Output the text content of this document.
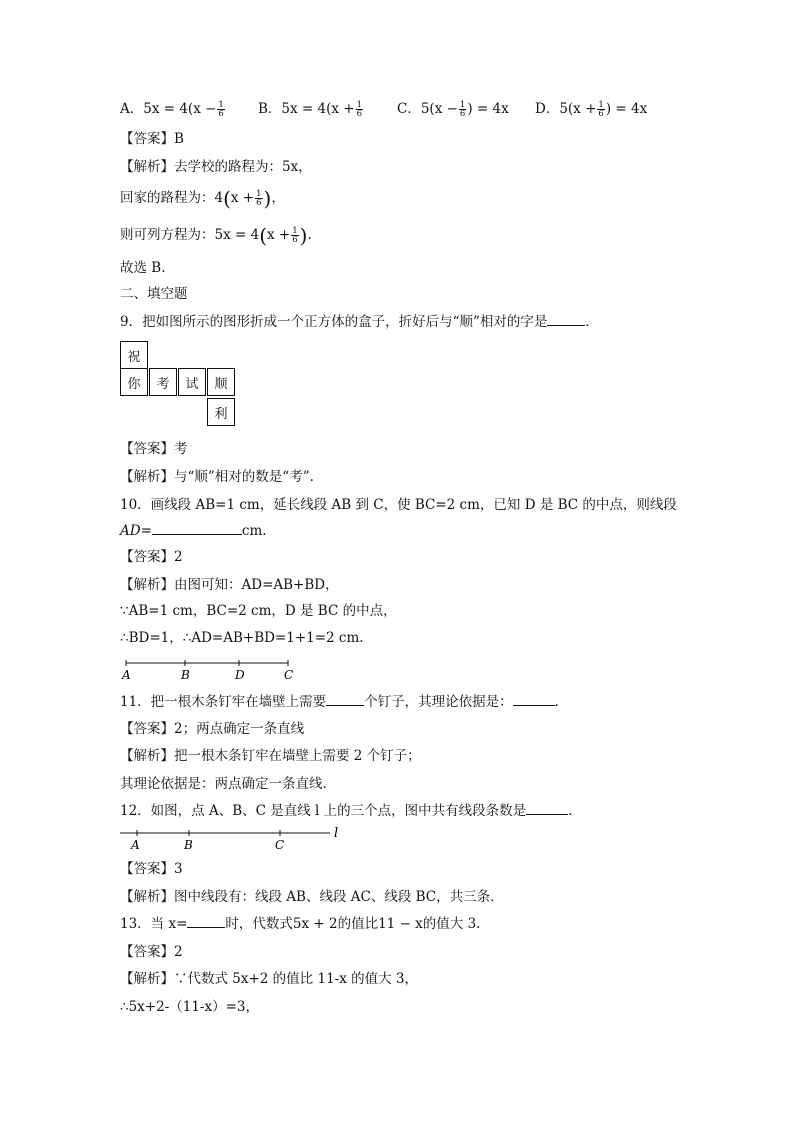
A．$5x = 4(x - \frac{1}{6}$ B．$5x = 4(x + \frac{1}{6}$	C．$5(x - \frac{1}{6}$ ) = 4x D．$5(x + \frac{1}{6}$ ) = 4x
【答案】B
【解析】去学校的路程为：5x，
回家的路程为：$4(x + \frac{1}{6}$ )，
则可列方程为：$5x = 4(x + \frac{1}{6}$ ).
故选 B.
二、填空题
9．把如图所示的图形折成一个正方体的盒子，折好后与“顺”相对的字是	．
祝
你	考	试	顺
利
【答案】考
【解析】与“顺”相对的数是“考”.
10．画线段 AB=1 cm，延长线段 AB 到 C，使 BC=2 cm，已知 D 是 BC 的中点，则线段
AD=	cm.
【答案】2
【解析】由图可知：AD=AB+BD，
∵AB=1 cm，BC=2 cm，D 是 BC 的中点，
∴BD=1，∴AD=AB+BD=1+1=2 cm.
A	B	D	C
11．把一根木条钉牢在墙壁上需要	个钉子，其理论依据是：	．
【答案】2；两点确定一条直线
【解析】把一根木条钉牢在墙壁上需要 2 个钉子；
其理论依据是：两点确定一条直线．
12．如图，点 A、B、C 是直线 l 上的三个点，图中共有线段条数是	．
l
A	B	C
【答案】3
【解析】图中线段有：线段 AB、线段 AC、线段 BC，共三条．
13．当 x=	时，代数式5x + 2的值比11 − x的值大 3.
【答案】2
【解析】∵代数式 5x+2 的值比 11-x 的值大 3，
∴5x+2-（11-x）=3，
